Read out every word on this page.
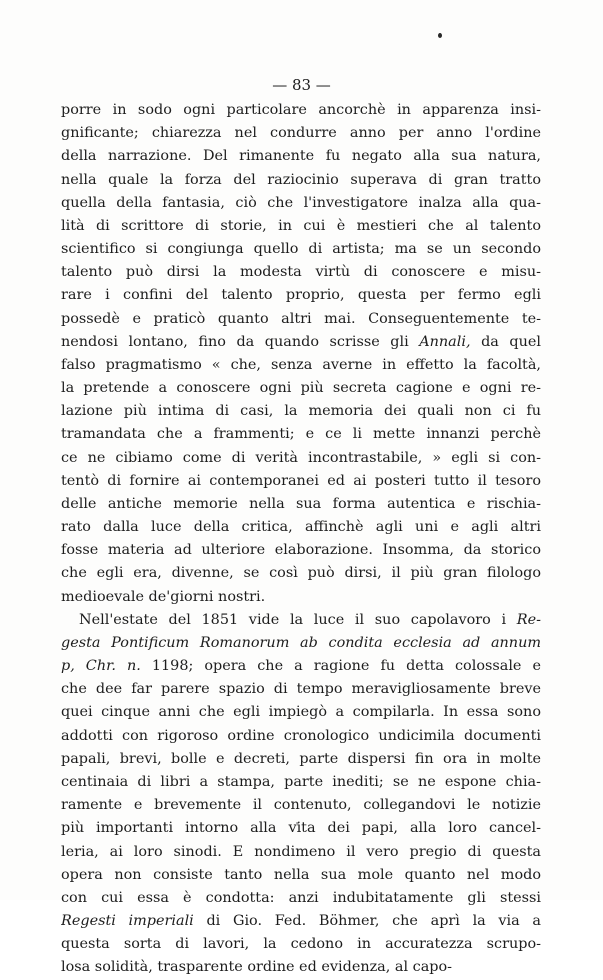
— 83 —
porre in sodo ogni particolare ancorchè in apparenza insi-
gnificante; chiarezza nel condurre anno per anno l'ordine
della narrazione. Del rimanente fu negato alla sua natura,
nella quale la forza del raziocinio superava di gran tratto
quella della fantasia, ciò che l'investigatore inalza alla qua-
lità di scrittore di storie, in cui è mestieri che al talento
scientifico si congiunga quello di artista; ma se un secondo
talento può dirsi la modesta virtù di conoscere e misu-
rare i confini del talento proprio, questa per fermo egli
possedè e praticò quanto altri mai. Conseguentemente te-
nendosi lontano, fino da quando scrisse gli Annali, da quel
falso pragmatismo « che, senza averne in effetto la facoltà,
la pretende a conoscere ogni più secreta cagione e ogni re-
lazione più intima di casi, la memoria dei quali non ci fu
tramandata che a frammenti; e ce li mette innanzi perchè
ce ne cibiamo come di verità incontrastabile, » egli si con-
tentò di fornire ai contemporanei ed ai posteri tutto il tesoro
delle antiche memorie nella sua forma autentica e rischia-
rato dalla luce della critica, affinchè agli uni e agli altri
fosse materia ad ulteriore elaborazione. Insomma, da storico
che egli era, divenne, se così può dirsi, il più gran filologo
medioevale de'giorni nostri.
Nell'estate del 1851 vide la luce il suo capolavoro i Re-
gesta Pontificum Romanorum ab condita ecclesia ad annum
p, Chr. n. 1198; opera che a ragione fu detta colossale e
che dee far parere spazio di tempo meravigliosamente breve
quei cinque anni che egli impiegò a compilarla. In essa sono
addotti con rigoroso ordine cronologico undicimila documenti
papali, brevi, bolle e decreti, parte dispersi fin ora in molte
centinaia di libri a stampa, parte inediti; se ne espone chia-
ramente e brevemente il contenuto, collegandovi le notizie
più importanti intorno alla vita dei papi, alla loro cancel-
leria, ai loro sinodi. E nondimeno il vero pregio di questa
opera non consiste tanto nella sua mole quanto nel modo
con cui essa è condotta: anzi indubitatamente gli stessi
Regesti imperiali di Gio. Fed. Böhmer, che aprì la via a
questa sorta di lavori, la cedono in accuratezza scrupo-
losa solidità, trasparente ordine ed evidenza, al capo-
